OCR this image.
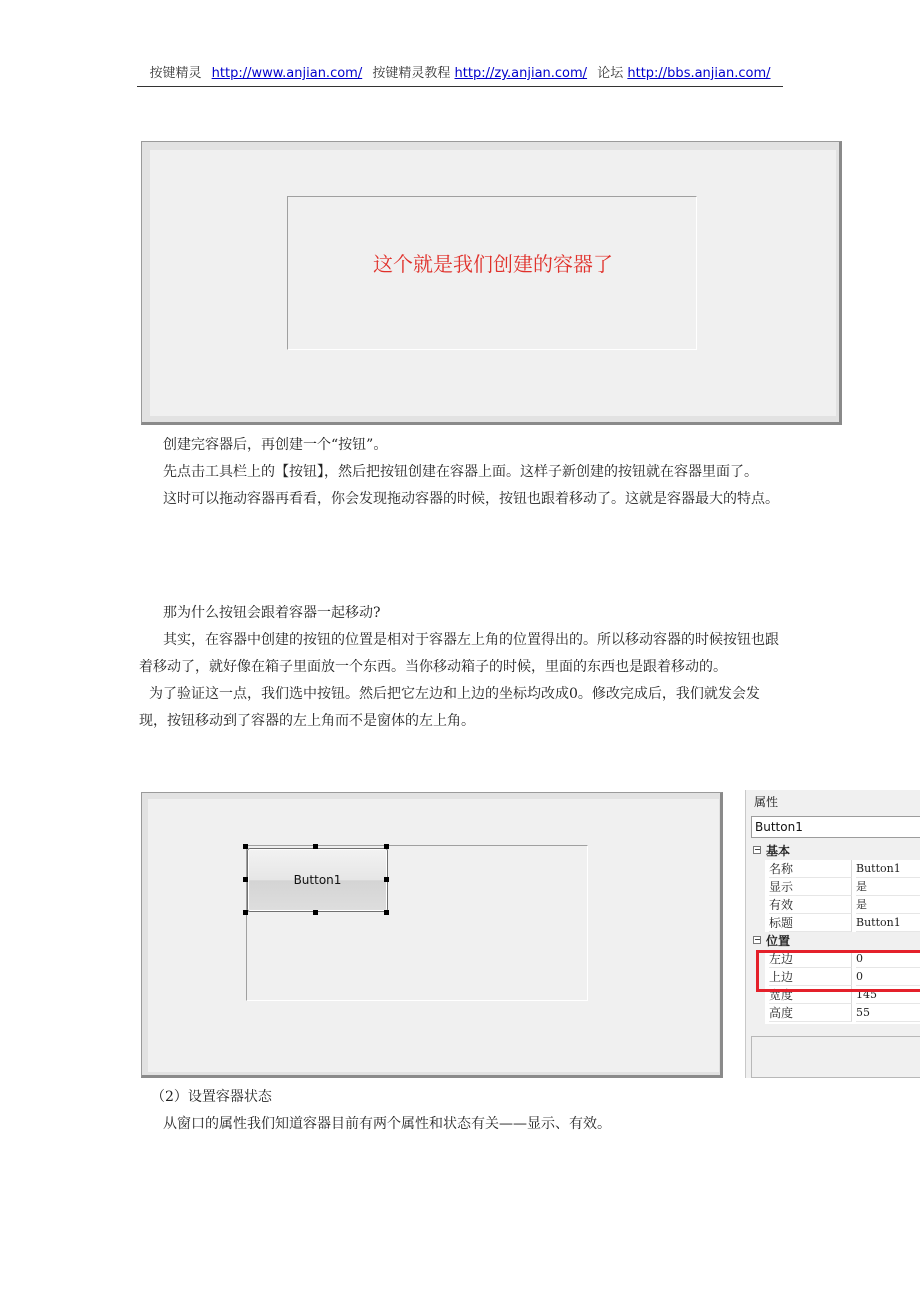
按键精灵 http://www.anjian.com/ 按键精灵教程 http://zy.anjian.com/ 论坛 http://bbs.anjian.com/
这个就是我们创建的容器了

创建完容器后，再创建一个“按钮”。

先点击工具栏上的【按钮】，然后把按钮创建在容器上面。这样子新创建的按钮就在容器里面了。

这时可以拖动容器再看看，你会发现拖动容器的时候，按钮也跟着移动了。这就是容器最大的特点。

那为什么按钮会跟着容器一起移动?

其实，在容器中创建的按钮的位置是相对于容器左上角的位置得出的。所以移动容器的时候按钮也跟着移动了，就好像在箱子里面放一个东西。当你移动箱子的时候，里面的东西也是跟着移动的。

为了验证这一点，我们选中按钮。然后把它左边和上边的坐标均改成0。修改完成后，我们就发会发现，按钮移动到了容器的左上角而不是窗体的左上角。

Button1
属性
Button1
− 基本
名称	Button1
显示	是
有效	是
标题	Button1
− 位置
左边	0
上边	0
宽度	145
高度	55

（2）设置容器状态

从窗口的属性我们知道容器目前有两个属性和状态有关——显示、有效。
